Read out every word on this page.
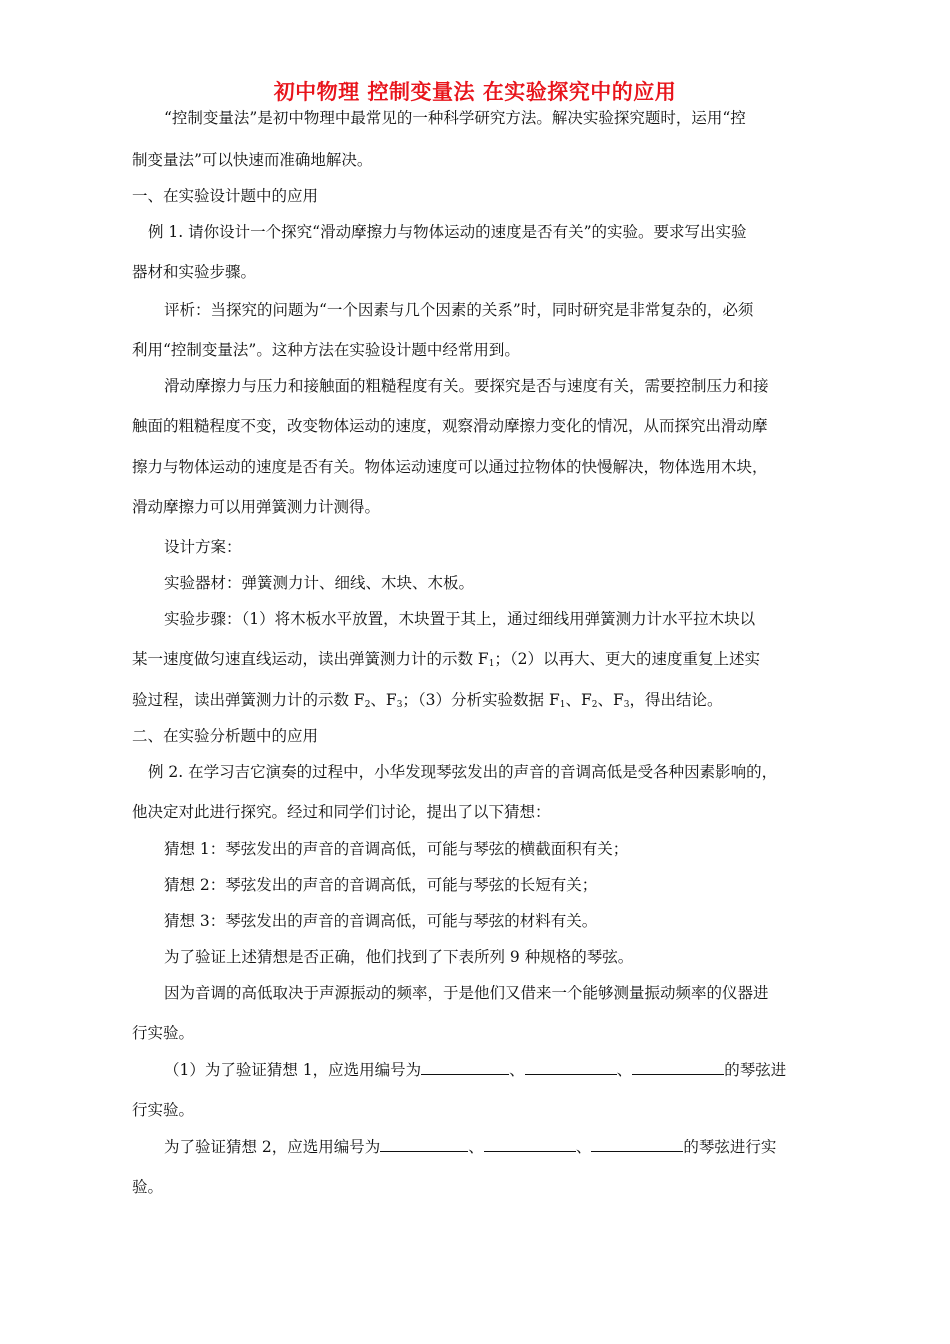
初中物理 控制变量法 在实验探究中的应用
“控制变量法”是初中物理中最常见的一种科学研究方法。解决实验探究题时，运用“控
制变量法”可以快速而准确地解决。
一、在实验设计题中的应用
例 1. 请你设计一个探究“滑动摩擦力与物体运动的速度是否有关”的实验。要求写出实验
器材和实验步骤。
评析：当探究的问题为“一个因素与几个因素的关系”时，同时研究是非常复杂的，必须
利用“控制变量法”。这种方法在实验设计题中经常用到。
滑动摩擦力与压力和接触面的粗糙程度有关。要探究是否与速度有关，需要控制压力和接
触面的粗糙程度不变，改变物体运动的速度，观察滑动摩擦力变化的情况，从而探究出滑动摩
擦力与物体运动的速度是否有关。物体运动速度可以通过拉物体的快慢解决，物体选用木块，
滑动摩擦力可以用弹簧测力计测得。
设计方案：
实验器材：弹簧测力计、细线、木块、木板。
实验步骤：（1）将木板水平放置，木块置于其上，通过细线用弹簧测力计水平拉木块以
某一速度做匀速直线运动，读出弹簧测力计的示数 $F_1$；（2）以再大、更大的速度重复上述实
验过程，读出弹簧测力计的示数 $F_2$、$F_3$；（3）分析实验数据 $F_1$、$F_2$、$F_3$，得出结论。
二、在实验分析题中的应用
例 2. 在学习吉它演奏的过程中，小华发现琴弦发出的声音的音调高低是受各种因素影响的，
他决定对此进行探究。经过和同学们讨论，提出了以下猜想：
猜想 1：琴弦发出的声音的音调高低，可能与琴弦的横截面积有关；
猜想 2：琴弦发出的声音的音调高低，可能与琴弦的长短有关；
猜想 3：琴弦发出的声音的音调高低，可能与琴弦的材料有关。
为了验证上述猜想是否正确，他们找到了下表所列 9 种规格的琴弦。
因为音调的高低取决于声源振动的频率，于是他们又借来一个能够测量振动频率的仪器进
行实验。
（1）为了验证猜想 1，应选用编号为	、	、	的琴弦进
行实验。
为了验证猜想 2，应选用编号为	、	、	的琴弦进行实
验。
